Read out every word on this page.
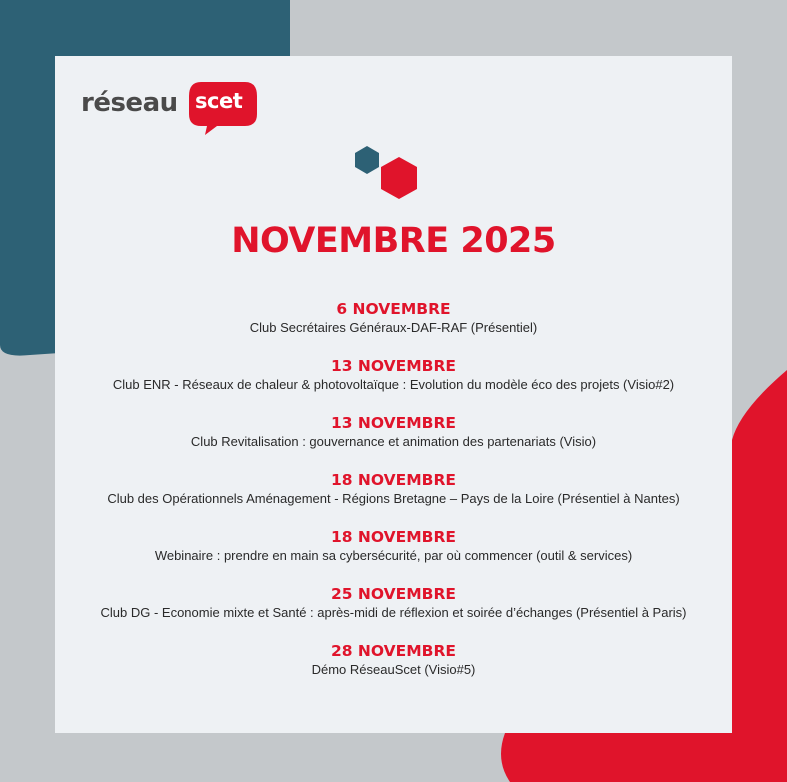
réseau scet
NOVEMBRE 2025
6 NOVEMBRE
Club Secrétaires Généraux-DAF-RAF (Présentiel)
13 NOVEMBRE
Club ENR - Réseaux de chaleur & photovoltaïque : Evolution du modèle éco des projets (Visio#2)
13 NOVEMBRE
Club Revitalisation : gouvernance et animation des partenariats (Visio)
18 NOVEMBRE
Club des Opérationnels Aménagement - Régions Bretagne – Pays de la Loire (Présentiel à Nantes)
18 NOVEMBRE
Webinaire : prendre en main sa cybersécurité, par où commencer (outil & services)
25 NOVEMBRE
Club DG - Economie mixte et Santé : après-midi de réflexion et soirée d’échanges (Présentiel à Paris)
28 NOVEMBRE
Démo RéseauScet (Visio#5)
